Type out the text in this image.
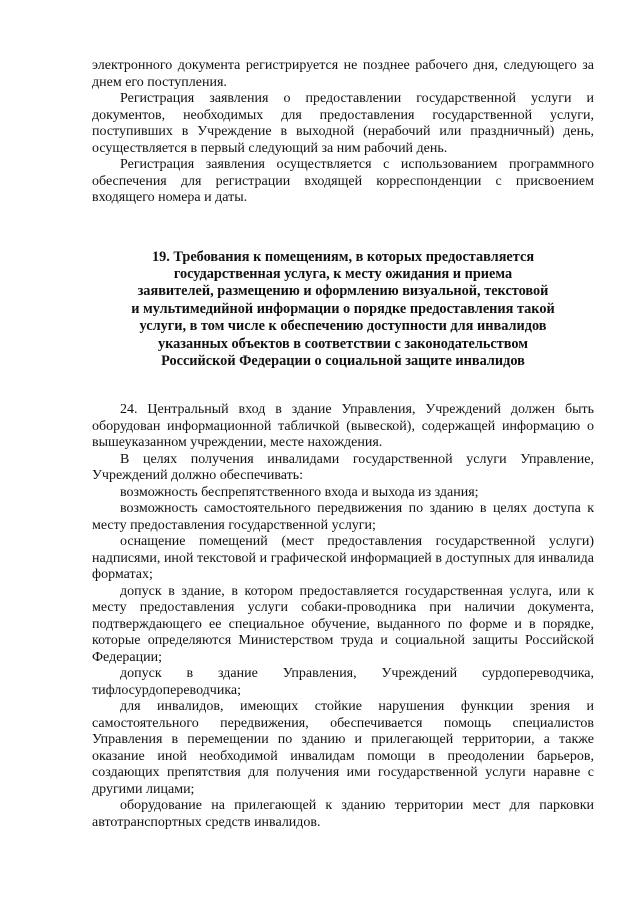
электронного документа регистрируется не позднее рабочего дня, следующего за днем его поступления.

Регистрация заявления о предоставлении государственной услуги и документов, необходимых для предоставления государственной услуги, поступивших в Учреждение в выходной (нерабочий или праздничный) день, осуществляется в первый следующий за ним рабочий день.

Регистрация заявления осуществляется с использованием программного обеспечения для регистрации входящей корреспонденции с присвоением входящего номера и даты.

19. Требования к помещениям, в которых предоставляется
государственная услуга, к месту ожидания и приема
заявителей, размещению и оформлению визуальной, текстовой
и мультимедийной информации о порядке предоставления такой
услуги, в том числе к обеспечению доступности для инвалидов
указанных объектов в соответствии с законодательством
Российской Федерации о социальной защите инвалидов

24. Центральный вход в здание Управления, Учреждений должен быть оборудован информационной табличкой (вывеской), содержащей информацию о вышеуказанном учреждении, месте нахождения.

В целях получения инвалидами государственной услуги Управление, Учреждений должно обеспечивать:

возможность беспрепятственного входа и выхода из здания;

возможность самостоятельного передвижения по зданию в целях доступа к месту предоставления государственной услуги;

оснащение помещений (мест предоставления государственной услуги) надписями, иной текстовой и графической информацией в доступных для инвалида форматах;

допуск в здание, в котором предоставляется государственная услуга, или к месту предоставления услуги собаки-проводника при наличии документа, подтверждающего ее специальное обучение, выданного по форме и в порядке, которые определяются Министерством труда и социальной защиты Российской Федерации;

допуск в здание Управления, Учреждений сурдопереводчика, тифлосурдопереводчика;

для инвалидов, имеющих стойкие нарушения функции зрения и самостоятельного передвижения, обеспечивается помощь специалистов Управления в перемещении по зданию и прилегающей территории, а также оказание иной необходимой инвалидам помощи в преодолении барьеров, создающих препятствия для получения ими государственной услуги наравне с другими лицами;

оборудование на прилегающей к зданию территории мест для парковки автотранспортных средств инвалидов.
